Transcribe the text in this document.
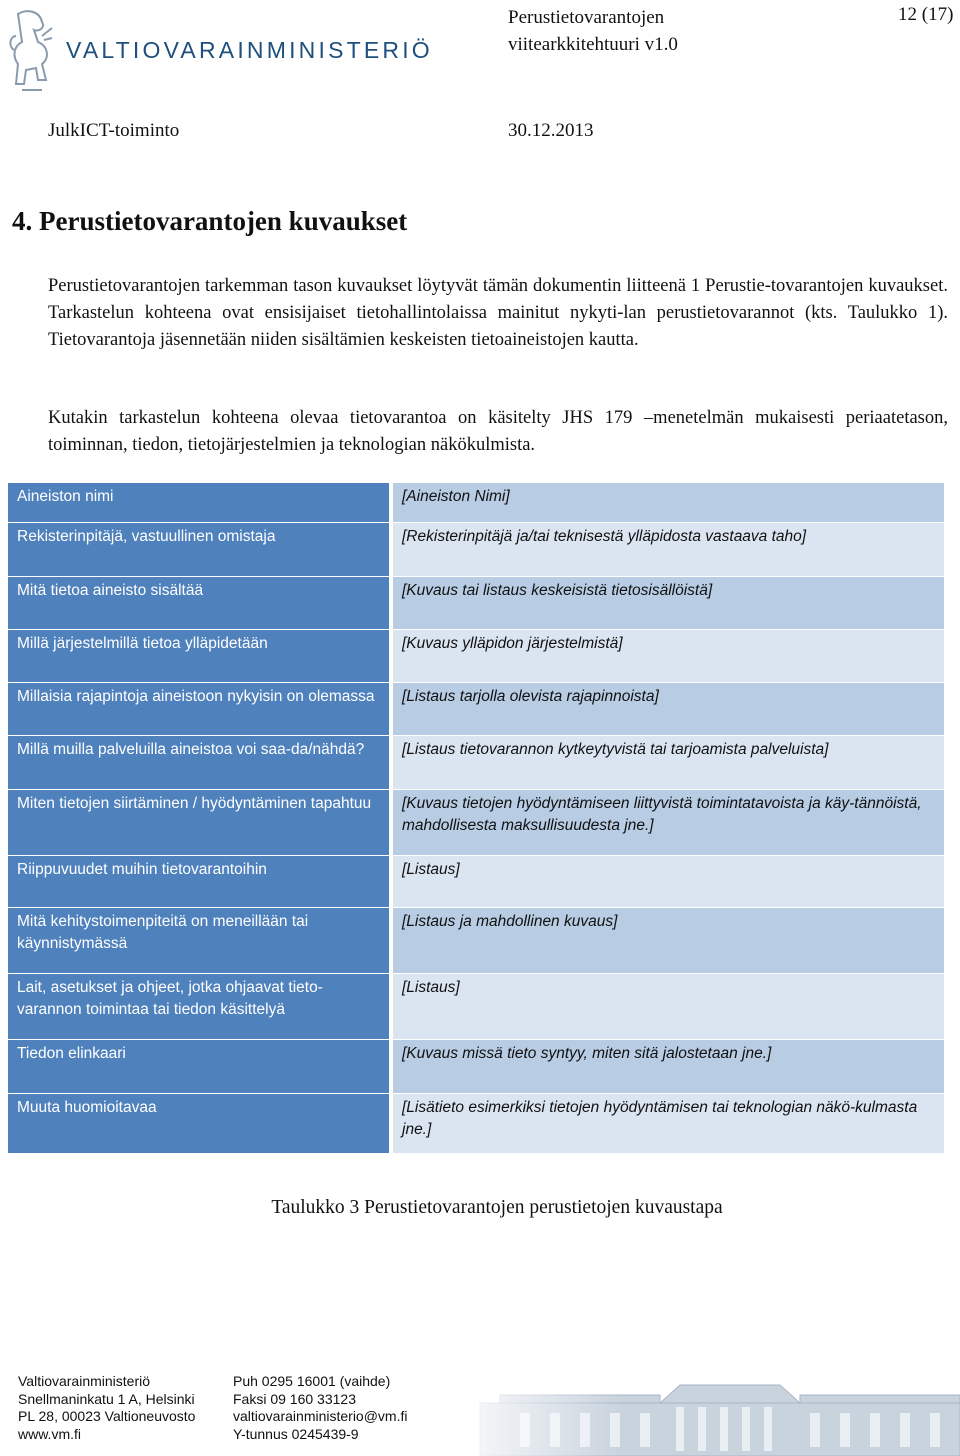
VALTIOVARAINMINISTERIÖ
Perustietovarantojen
viitearkkitehtuuri v1.0
12 (17)
JulkICT-toiminto	30.12.2013
4. Perustietovarantojen kuvaukset
Perustietovarantojen tarkemman tason kuvaukset löytyvät tämän dokumentin liitteenä 1 Perustie-tovarantojen kuvaukset. Tarkastelun kohteena ovat ensisijaiset tietohallintolaissa mainitut nykyti-lan perustietovarannot (kts. Taulukko 1). Tietovarantoja jäsennetään niiden sisältämien keskeisten tietoaineistojen kautta.
Kutakin tarkastelun kohteena olevaa tietovarantoa on käsitelty JHS 179 –menetelmän mukaisesti periaatetason, toiminnan, tiedon, tietojärjestelmien ja teknologian näkökulmista.
Aineiston nimi	[Aineiston Nimi]
Rekisterinpitäjä, vastuullinen omistaja	[Rekisterinpitäjä ja/tai teknisestä ylläpidosta vastaava taho]
Mitä tietoa aineisto sisältää	[Kuvaus tai listaus keskeisistä tietosisällöistä]
Millä järjestelmillä tietoa ylläpidetään	[Kuvaus ylläpidon järjestelmistä]
Millaisia rajapintoja aineistoon nykyisin on olemassa	[Listaus tarjolla olevista rajapinnoista]
Millä muilla palveluilla aineistoa voi saa-da/nähdä?	[Listaus tietovarannon kytkeytyvistä tai tarjoamista palveluista]
Miten tietojen siirtäminen / hyödyntäminen tapahtuu	[Kuvaus tietojen hyödyntämiseen liittyvistä toimintatavoista ja käy-tännöistä, mahdollisesta maksullisuudesta jne.]
Riippuvuudet muihin tietovarantoihin	[Listaus]
Mitä kehitystoimenpiteitä on meneillään tai käynnistymässä	[Listaus ja mahdollinen kuvaus]
Lait, asetukset ja ohjeet, jotka ohjaavat tieto-varannon toimintaa tai tiedon käsittelyä	[Listaus]
Tiedon elinkaari	[Kuvaus missä tieto syntyy, miten sitä jalostetaan jne.]
Muuta huomioitavaa	[Lisätieto esimerkiksi tietojen hyödyntämisen tai teknologian näkö-kulmasta jne.]
Taulukko 3 Perustietovarantojen perustietojen kuvaustapa
Valtiovarainministeriö
Snellmaninkatu 1 A, Helsinki
PL 28, 00023 Valtioneuvosto
www.vm.fi
Puh 0295 16001 (vaihde)
Faksi 09 160 33123
valtiovarainministerio@vm.fi
Y-tunnus 0245439-9
